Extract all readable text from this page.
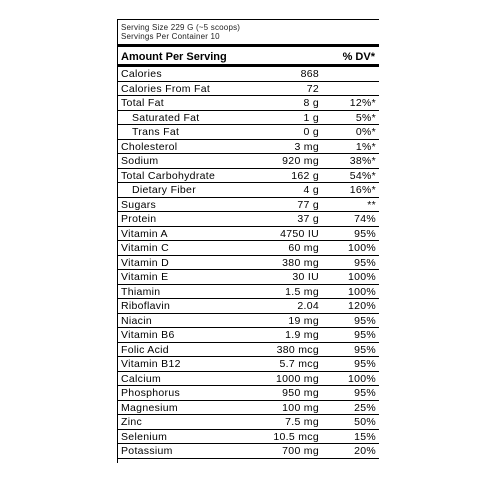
Serving Size 229 G (~5 scoops)
Servings Per Container 10
Amount Per Serving	% DV*
Calories	868
Calories From Fat	72
Total Fat	8 g	12%*
Saturated Fat	1 g	5%*
Trans Fat	0 g	0%*
Cholesterol	3 mg	1%*
Sodium	920 mg	38%*
Total Carbohydrate	162 g	54%*
Dietary Fiber	4 g	16%*
Sugars	77 g	**
Protein	37 g	74%
Vitamin A	4750 IU	95%
Vitamin C	60 mg	100%
Vitamin D	380 mg	95%
Vitamin E	30 IU	100%
Thiamin	1.5 mg	100%
Riboflavin	2.04	120%
Niacin	19 mg	95%
Vitamin B6	1.9 mg	95%
Folic Acid	380 mcg	95%
Vitamin B12	5.7 mcg	95%
Calcium	1000 mg	100%
Phosphorus	950 mg	95%
Magnesium	100 mg	25%
Zinc	7.5 mg	50%
Selenium	10.5 mcg	15%
Potassium	700 mg	20%
